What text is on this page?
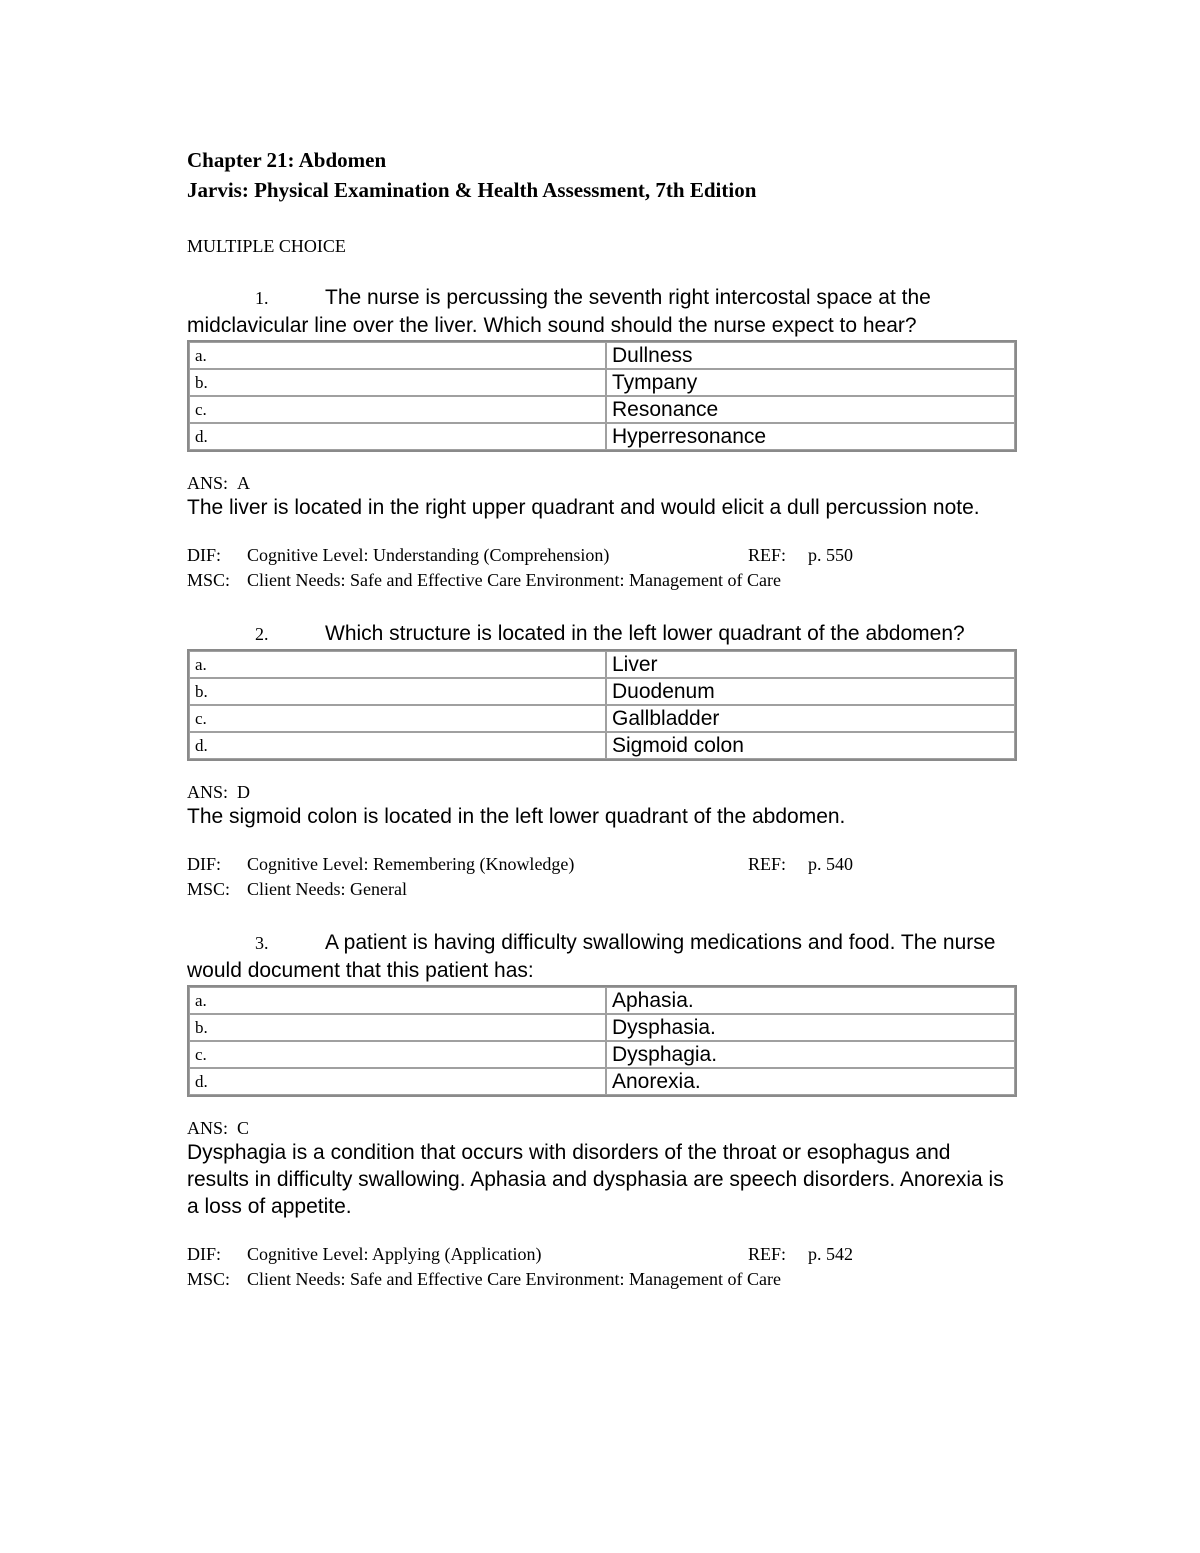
Chapter 21: Abdomen
Jarvis: Physical Examination & Health Assessment, 7th Edition
MULTIPLE CHOICE
1.	The nurse is percussing the seventh right intercostal space at the midclavicular line over the liver. Which sound should the nurse expect to hear?
a.	Dullness
b.	Tympany
c.	Resonance
d.	Hyperresonance
ANS: A
The liver is located in the right upper quadrant and would elicit a dull percussion note.
DIF: Cognitive Level: Understanding (Comprehension)	REF: p. 550
MSC: Client Needs: Safe and Effective Care Environment: Management of Care
2.	Which structure is located in the left lower quadrant of the abdomen?
a.	Liver
b.	Duodenum
c.	Gallbladder
d.	Sigmoid colon
ANS: D
The sigmoid colon is located in the left lower quadrant of the abdomen.
DIF: Cognitive Level: Remembering (Knowledge)	REF: p. 540
MSC: Client Needs: General
3.	A patient is having difficulty swallowing medications and food. The nurse would document that this patient has:
a.	Aphasia.
b.	Dysphasia.
c.	Dysphagia.
d.	Anorexia.
ANS: C
Dysphagia is a condition that occurs with disorders of the throat or esophagus and results in difficulty swallowing. Aphasia and dysphasia are speech disorders. Anorexia is a loss of appetite.
DIF: Cognitive Level: Applying (Application)	REF: p. 542
MSC: Client Needs: Safe and Effective Care Environment: Management of Care
